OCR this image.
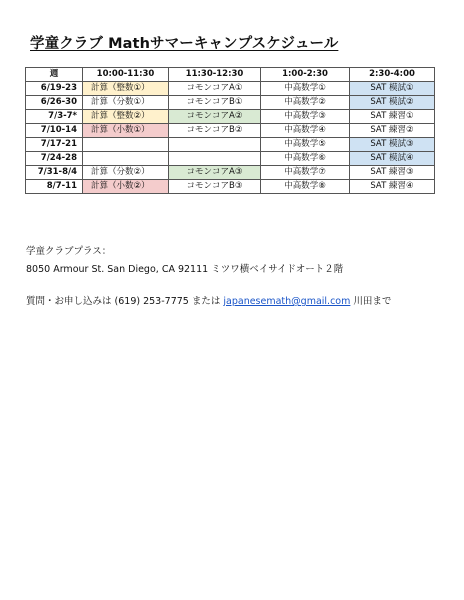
学童クラブ Mathサマーキャンプスケジュール
週	10:00-11:30	11:30-12:30	1:00-2:30	2:30-4:00
6/19-23	計算（整数①）	コモンコアA①	中高数学①	SAT 模試①
6/26-30	計算（分数①）	コモンコアB①	中高数学②	SAT 模試②
7/3-7*	計算（整数②）	コモンコアA②	中高数学③	SAT 練習①
7/10-14	計算（小数①）	コモンコアB②	中高数学④	SAT 練習②
7/17-21			中高数学⑤	SAT 模試③
7/24-28			中高数学⑥	SAT 模試④
7/31-8/4	計算（分数②）	コモンコアA③	中高数学⑦	SAT 練習③
8/7-11	計算（小数②）	コモンコアB③	中高数学⑧	SAT 練習④
学童クラブプラス：
8050 Armour St. San Diego, CA 92111 ミツワ横ベイサイドオート２階
質問・お申し込みは (619) 253-7775 または japanesemath@gmail.com 川田まで
